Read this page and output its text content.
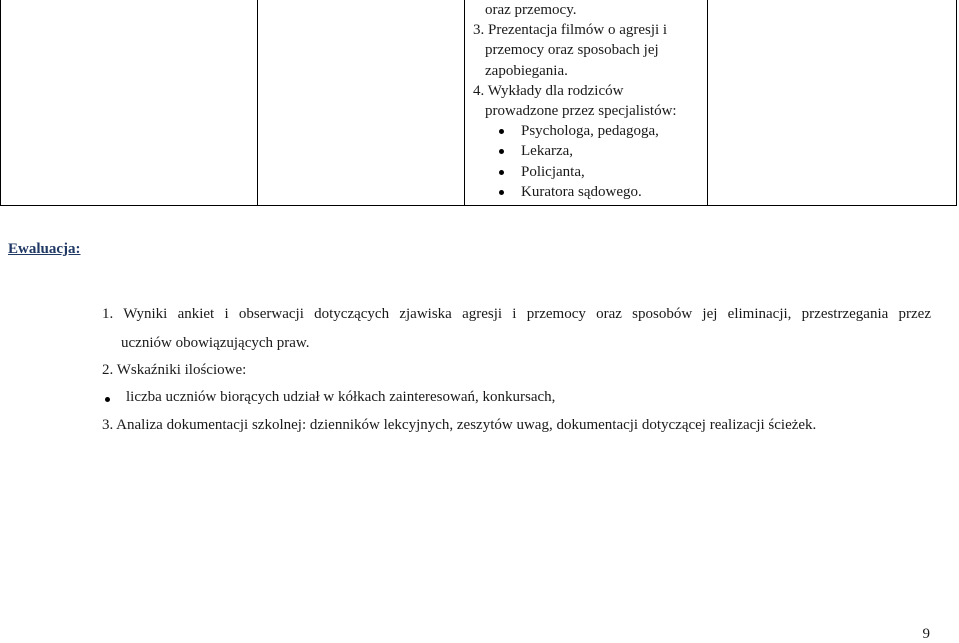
oraz przemocy.
3. Prezentacja filmów o agresji i
przemocy oraz sposobach jej
zapobiegania.
4. Wykłady dla rodziców
prowadzone przez specjalistów:
Psychologa, pedagoga,
Lekarza,
Policjanta,
Kuratora sądowego.
Ewaluacja:
1. Wyniki ankiet i obserwacji dotyczących zjawiska agresji i przemocy oraz sposobów jej eliminacji, przestrzegania przez
uczniów obowiązujących praw.
2. Wskaźniki ilościowe:
liczba uczniów biorących udział w kółkach zainteresowań, konkursach,
3. Analiza dokumentacji szkolnej: dzienników lekcyjnych, zeszytów uwag, dokumentacji dotyczącej realizacji ścieżek.
9
